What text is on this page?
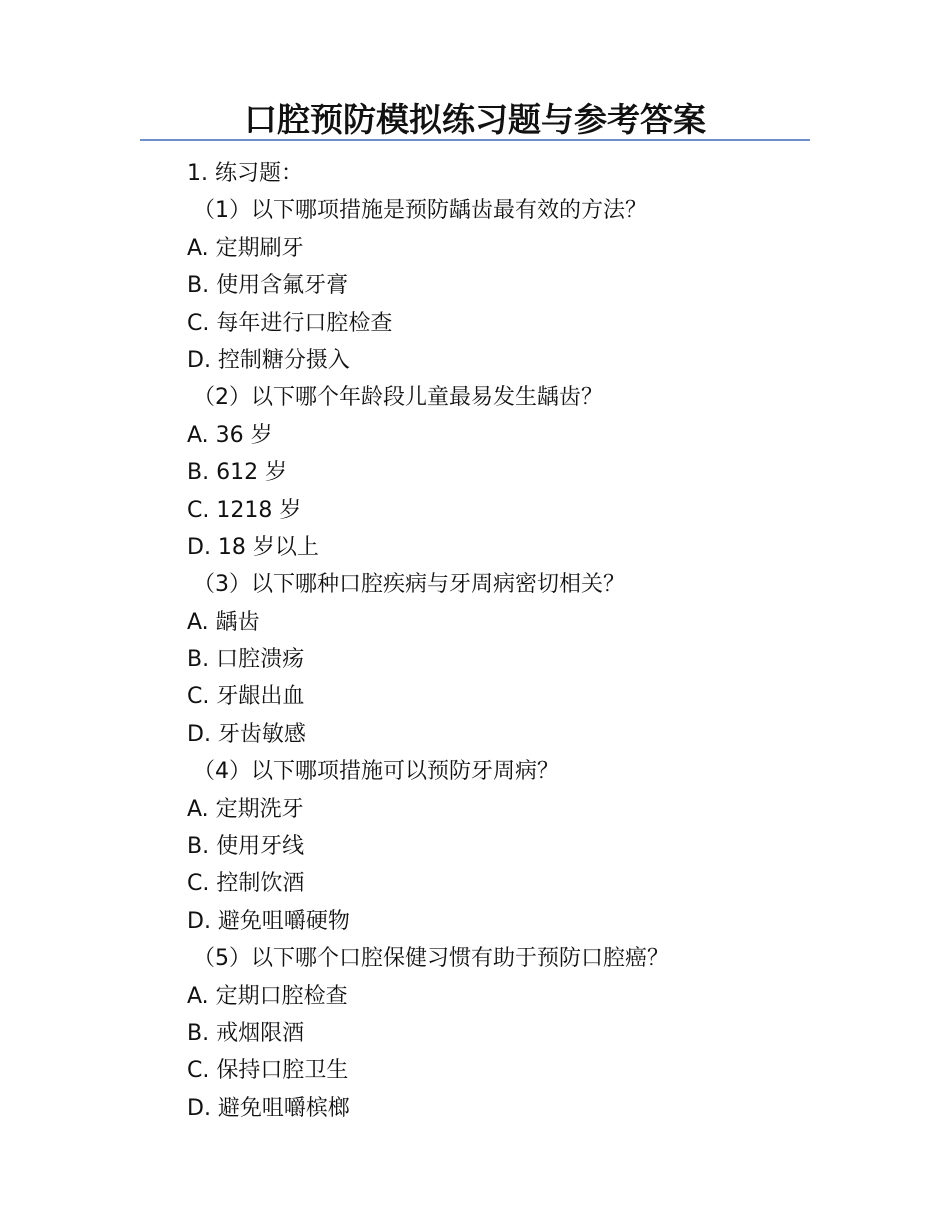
口腔预防模拟练习题与参考答案
1. 练习题：
（1）以下哪项措施是预防龋齿最有效的方法？
A. 定期刷牙
B. 使用含氟牙膏
C. 每年进行口腔检查
D. 控制糖分摄入
（2）以下哪个年龄段儿童最易发生龋齿？
A. 36 岁
B. 612 岁
C. 1218 岁
D. 18 岁以上
（3）以下哪种口腔疾病与牙周病密切相关？
A. 龋齿
B. 口腔溃疡
C. 牙龈出血
D. 牙齿敏感
（4）以下哪项措施可以预防牙周病？
A. 定期洗牙
B. 使用牙线
C. 控制饮酒
D. 避免咀嚼硬物
（5）以下哪个口腔保健习惯有助于预防口腔癌？
A. 定期口腔检查
B. 戒烟限酒
C. 保持口腔卫生
D. 避免咀嚼槟榔
